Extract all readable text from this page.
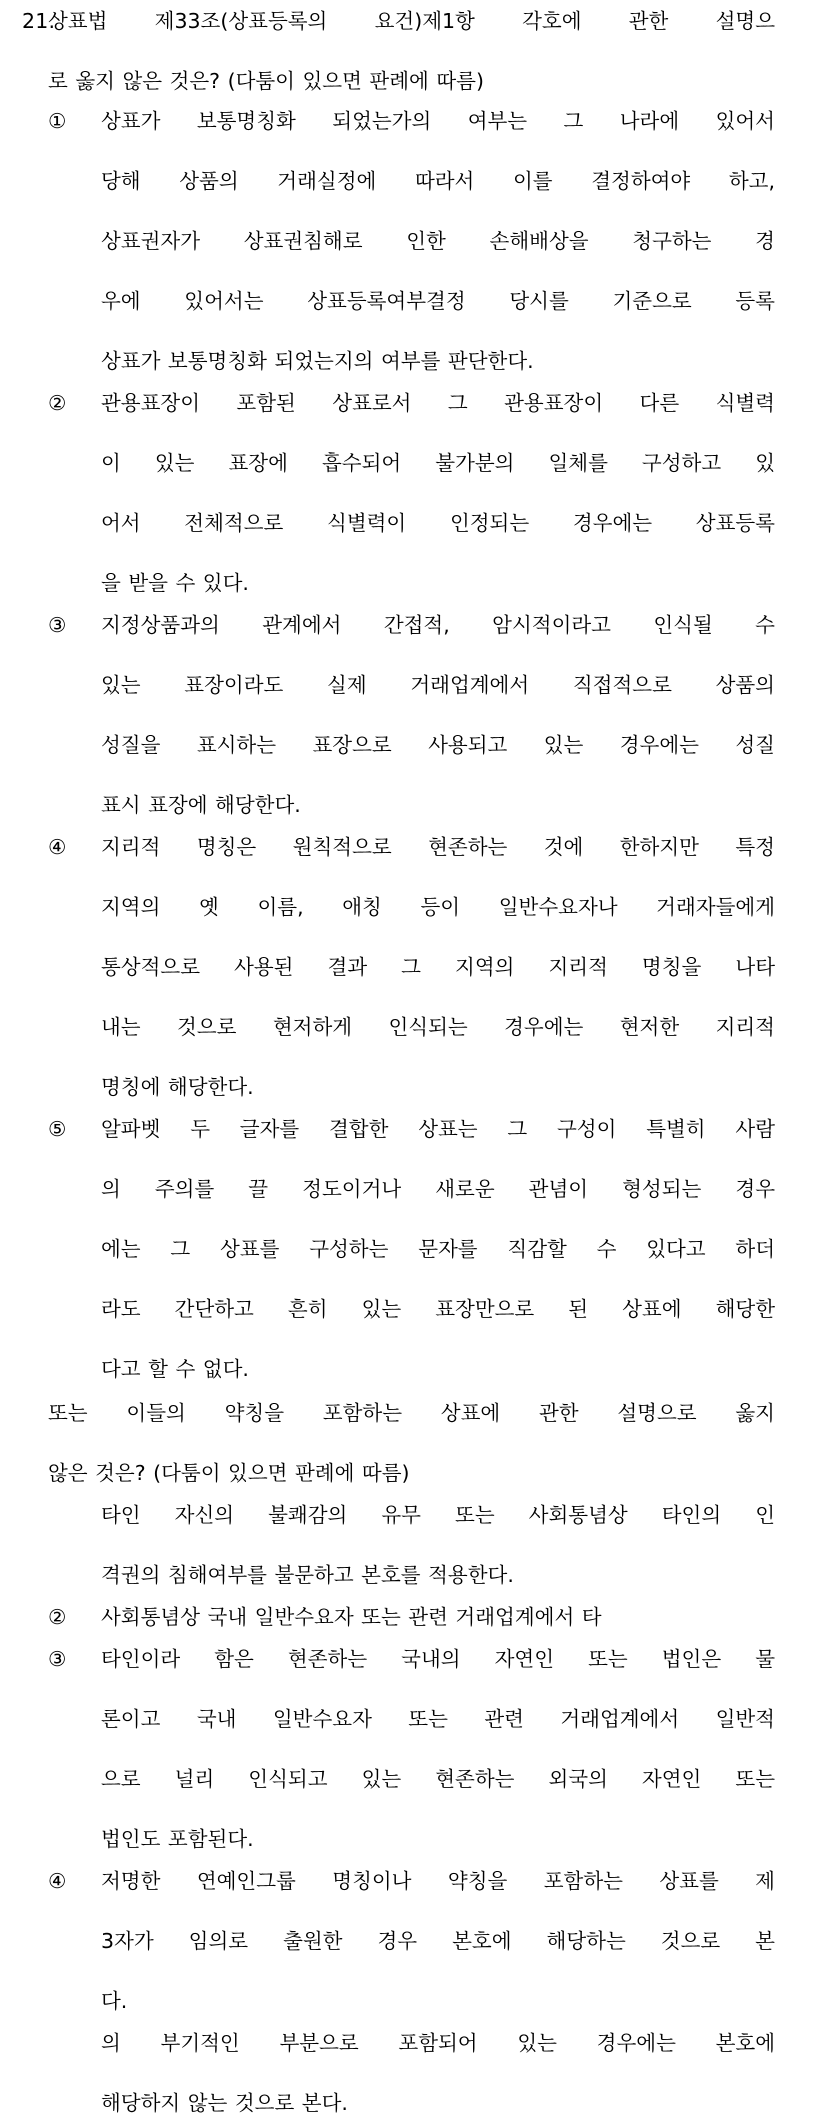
21.
상표법 제33조(상표등록의 요건)제1항 각호에 관한 설명으
로 옳지 않은 것은? (다툼이 있으면 판례에 따름)
①	상표가 보통명칭화 되었는가의 여부는 그 나라에 있어서
당해 상품의 거래실정에 따라서 이를 결정하여야 하고,
상표권자가 상표권침해로 인한 손해배상을 청구하는 경
우에 있어서는 상표등록여부결정 당시를 기준으로 등록
상표가 보통명칭화 되었는지의 여부를 판단한다.
②	관용표장이 포함된 상표로서 그 관용표장이 다른 식별력
이 있는 표장에 흡수되어 불가분의 일체를 구성하고 있
어서 전체적으로 식별력이 인정되는 경우에는 상표등록
을 받을 수 있다.
③	지정상품과의 관계에서 간접적, 암시적이라고 인식될 수
있는 표장이라도 실제 거래업계에서 직접적으로 상품의
성질을 표시하는 표장으로 사용되고 있는 경우에는 성질
표시 표장에 해당한다.
④	지리적 명칭은 원칙적으로 현존하는 것에 한하지만 특정
지역의 옛 이름, 애칭 등이 일반수요자나 거래자들에게
통상적으로 사용된 결과 그 지역의 지리적 명칭을 나타
내는 것으로 현저하게 인식되는 경우에는 현저한 지리적
명칭에 해당한다.
⑤	알파벳 두 글자를 결합한 상표는 그 구성이 특별히 사람
의 주의를 끌 정도이거나 새로운 관념이 형성되는 경우
에는 그 상표를 구성하는 문자를 직감할 수 있다고 하더
라도 간단하고 흔히 있는 표장만으로 된 상표에 해당한
다고 할 수 없다.
또는 이들의 약칭을 포함하는 상표에 관한 설명으로 옳지
않은 것은? (다툼이 있으면 판례에 따름)
타인 자신의 불쾌감의 유무 또는 사회통념상 타인의 인
격권의 침해여부를 불문하고 본호를 적용한다.
②	사회통념상 국내 일반수요자 또는 관련 거래업계에서 타
③	타인이라 함은 현존하는 국내의 자연인 또는 법인은 물
론이고 국내 일반수요자 또는 관련 거래업계에서 일반적
으로 널리 인식되고 있는 현존하는 외국의 자연인 또는
법인도 포함된다.
④	저명한 연예인그룹 명칭이나 약칭을 포함하는 상표를 제
3자가 임의로 출원한 경우 본호에 해당하는 것으로 본
다.
의 부기적인 부분으로 포함되어 있는 경우에는 본호에
해당하지 않는 것으로 본다.
